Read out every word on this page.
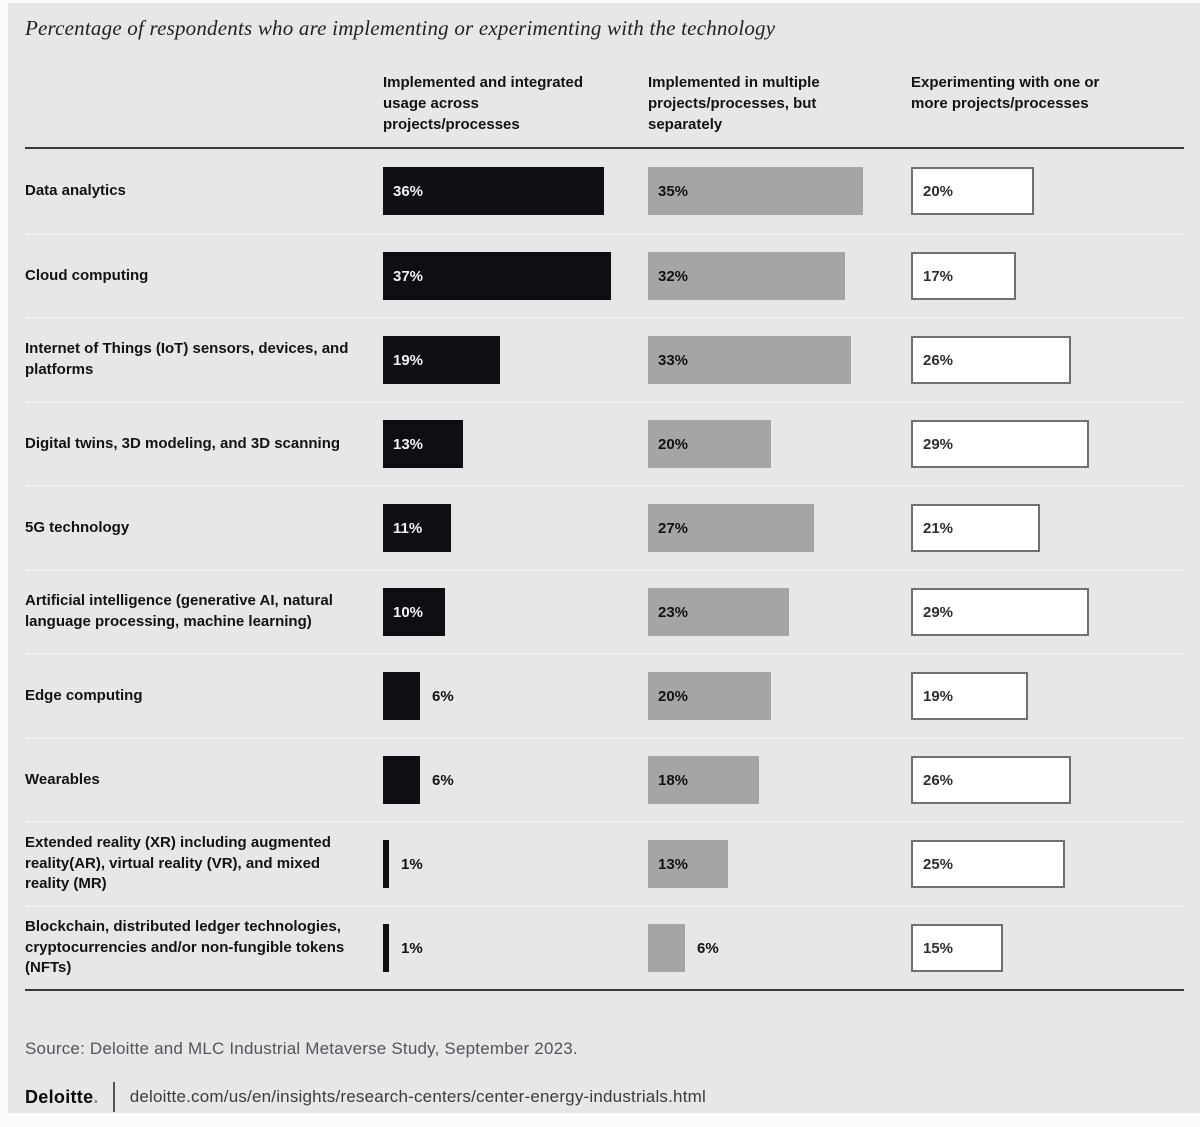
Percentage of respondents who are implementing or experimenting with the technology
Implemented and integrated usage across projects/processes
Implemented in multiple projects/processes, but separately
Experimenting with one or more projects/processes
Data analytics	36%	35%	20%
Cloud computing	37%	32%	17%
Internet of Things (IoT) sensors, devices, and platforms
19%	33%	26%
Digital twins, 3D modeling, and 3D scanning	13%	20%	29%
5G technology	11%	27%	21%
Artificial intelligence (generative AI, natural language processing, machine learning)
10%	23%	29%
Edge computing	6%	20%	19%
Wearables	6%	18%	26%
Extended reality (XR) including augmented reality(AR), virtual reality (VR), and mixed reality (MR)
1%	13%	25%
Blockchain, distributed ledger technologies, cryptocurrencies and/or non-fungible tokens (NFTs)
1%	6%	15%
Source: Deloitte and MLC Industrial Metaverse Study, September 2023.
Deloitte. deloitte.com/us/en/insights/research-centers/center-energy-industrials.html
